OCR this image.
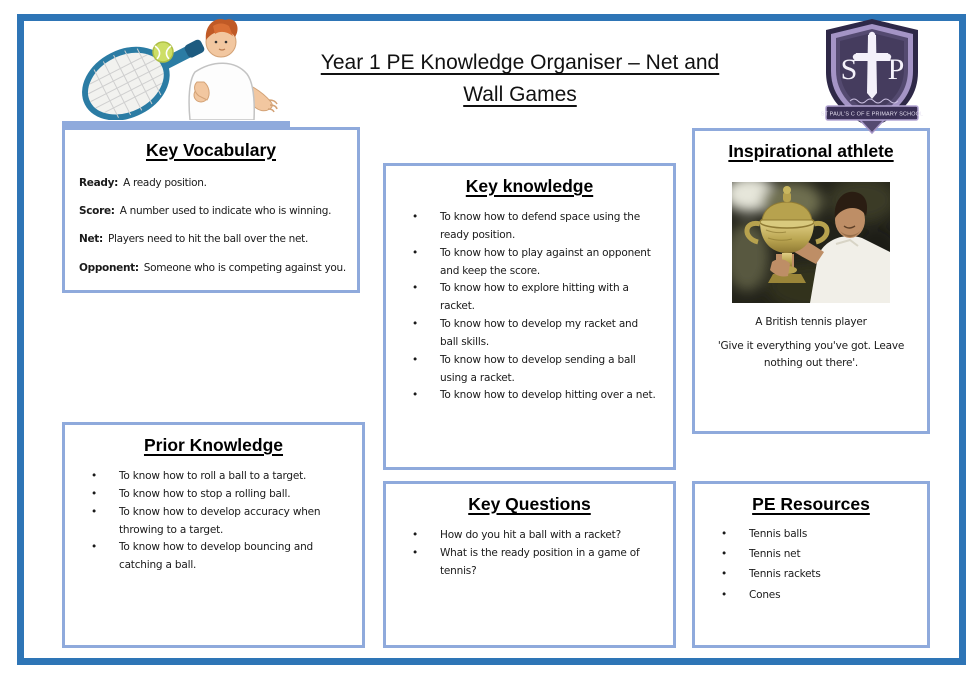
Year 1 PE Knowledge Organiser – Net and
Wall Games
S P
ST PAUL'S C OF E PRIMARY SCHOOL
Key Vocabulary

Ready: A ready position.

Score: A number used to indicate who is winning.

Net: Players need to hit the ball over the net.

Opponent: Someone who is competing against you.

Key knowledge
• To know how to defend space using the ready position.
• To know how to play against an opponent and keep the score.
• To know how to explore hitting with a racket.
• To know how to develop my racket and ball skills.
• To know how to develop sending a ball using a racket.
• To know how to develop hitting over a net.
Inspirational athlete
A British tennis player
'Give it everything you've got. Leave nothing out there'.
Prior Knowledge
• To know how to roll a ball to a target.
• To know how to stop a rolling ball.
• To know how to develop accuracy when throwing to a target.
• To know how to develop bouncing and catching a ball.
Key Questions
• How do you hit a ball with a racket?
• What is the ready position in a game of tennis?
PE Resources
• Tennis balls
• Tennis net
• Tennis rackets
• Cones
